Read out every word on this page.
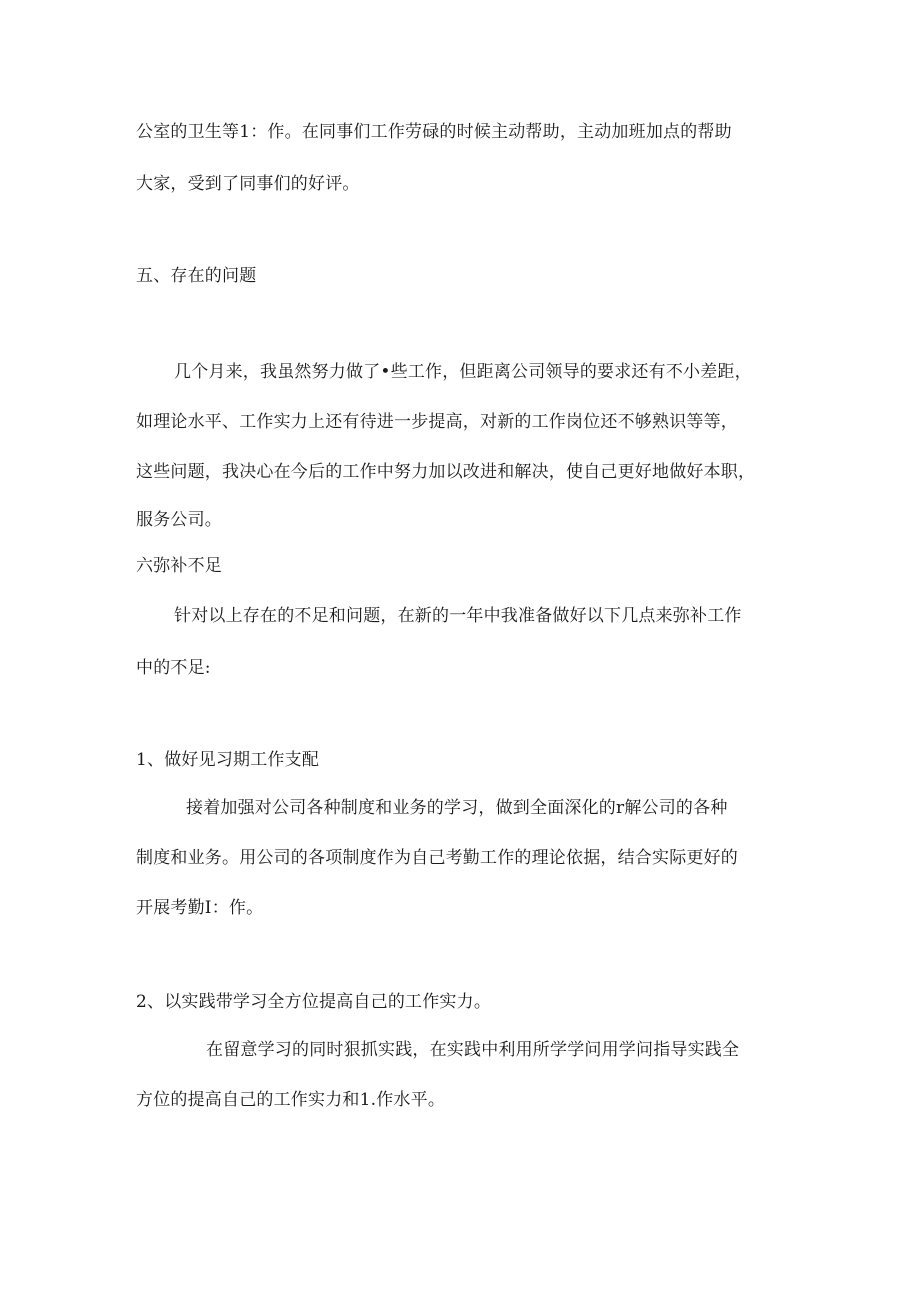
公室的卫生等1：作。在同事们工作劳碌的时候主动帮助，主动加班加点的帮助
大家，受到了同事们的好评。
五、存在的问题
几个月来，我虽然努力做了•些工作，但距离公司领导的要求还有不小差距，
如理论水平、工作实力上还有待进一步提高，对新的工作岗位还不够熟识等等，
这些问题，我决心在今后的工作中努力加以改进和解决，使自己更好地做好本职，
服务公司。
六弥补不足
针对以上存在的不足和问题，在新的一年中我准备做好以下几点来弥补工作
中的不足:
1、做好见习期工作支配
接着加强对公司各种制度和业务的学习，做到全面深化的r解公司的各种
制度和业务。用公司的各项制度作为自己考勤工作的理论依据，结合实际更好的
开展考勤I：作。
2、以实践带学习全方位提高自己的工作实力。
在留意学习的同时狠抓实践，在实践中利用所学学问用学问指导实践全
方位的提高自己的工作实力和1.作水平。
